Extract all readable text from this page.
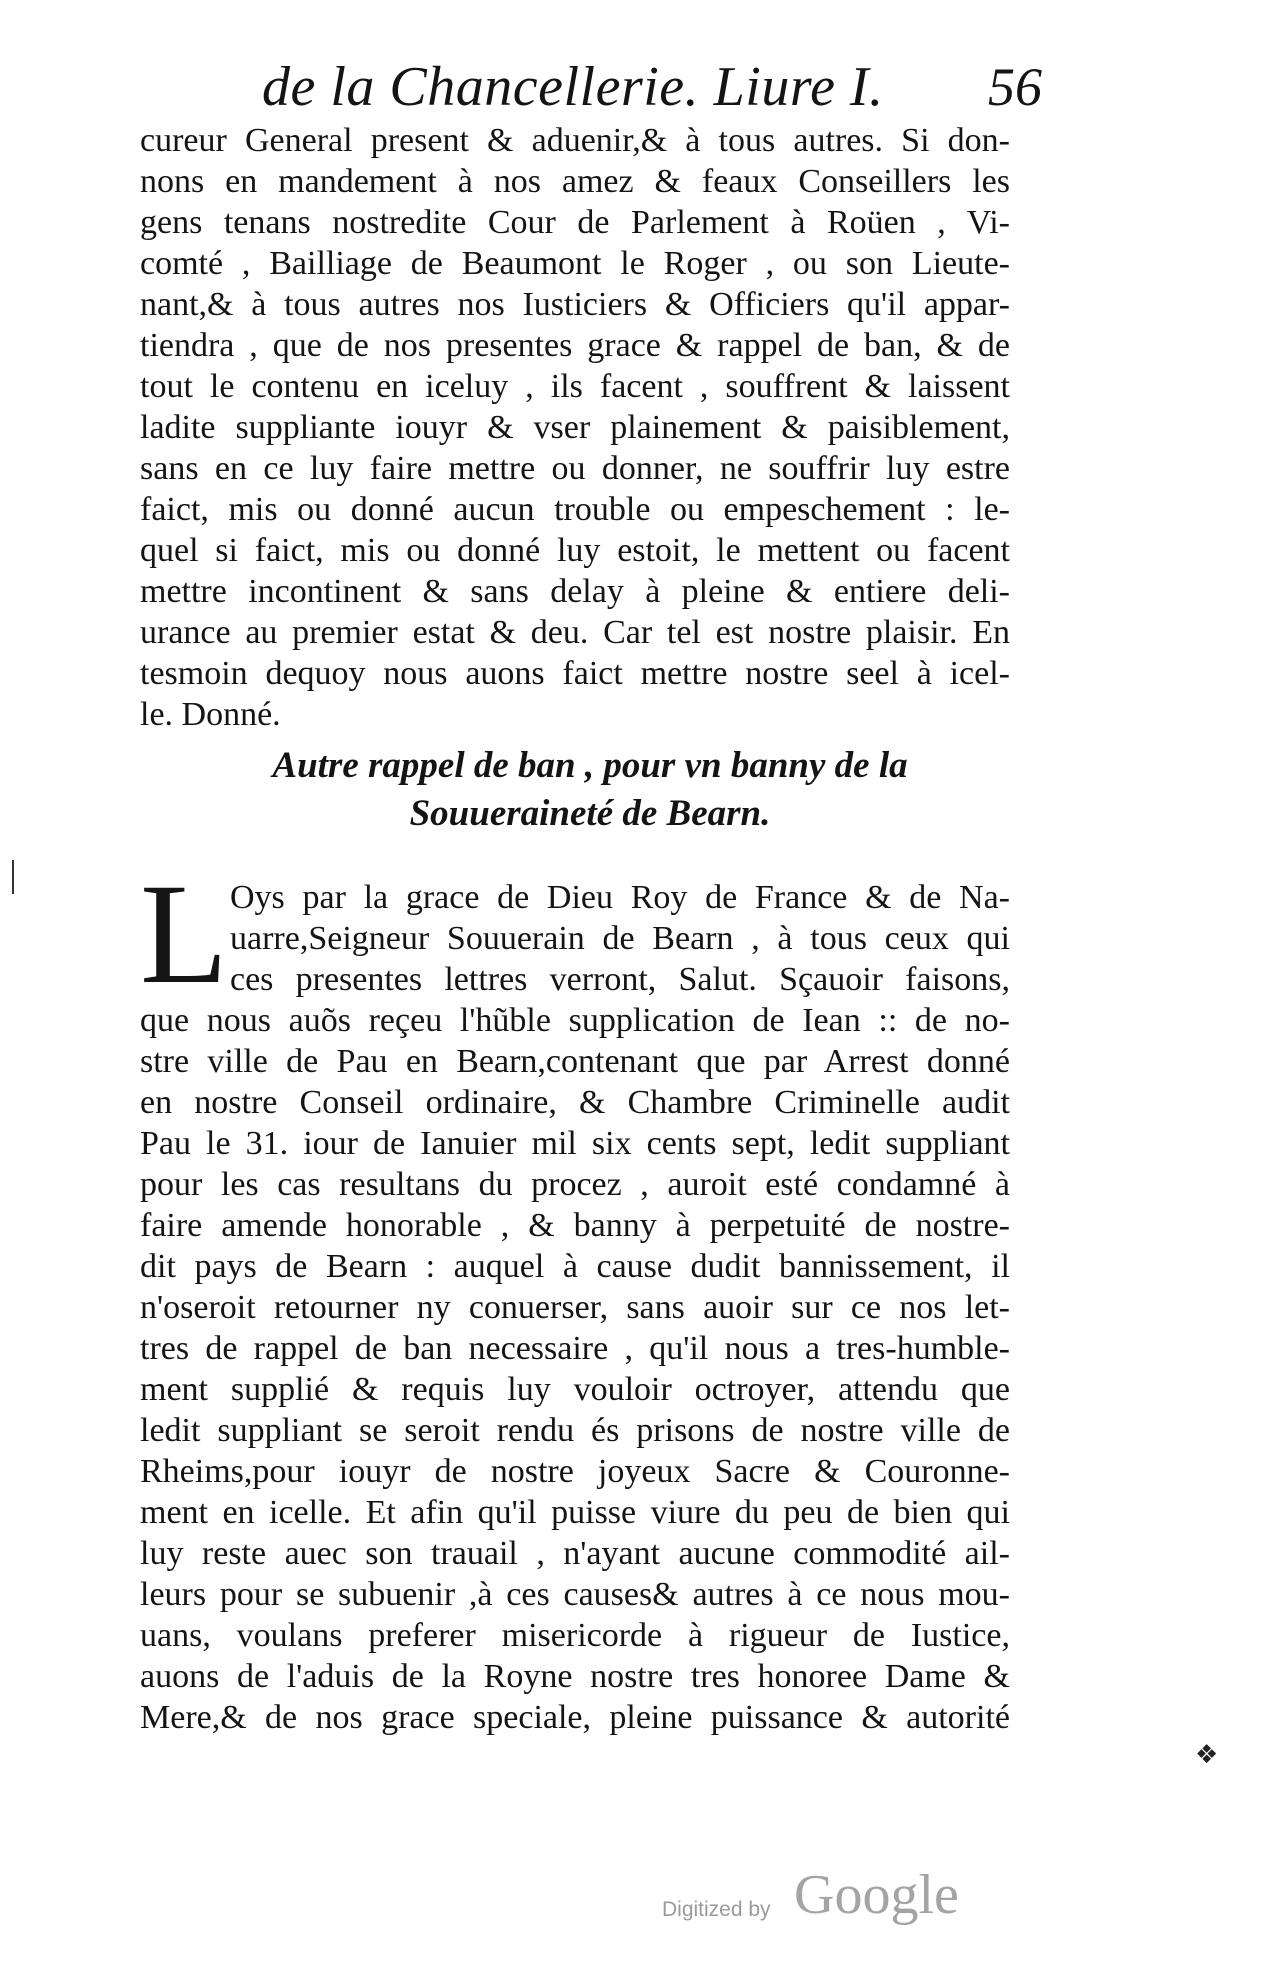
de la Chancellerie. Liure I. 56
cureur General present & aduenir,& à tous autres. Si don-
nons en mandement à nos amez & feaux Conseillers les
gens tenans nostredite Cour de Parlement à Roüen , Vi-
comté , Bailliage de Beaumont le Roger , ou son Lieute-
nant,& à tous autres nos Iusticiers & Officiers qu'il appar-
tiendra , que de nos presentes grace & rappel de ban, & de
tout le contenu en iceluy , ils facent , souffrent & laissent
ladite suppliante iouyr & vser plainement & paisiblement,
sans en ce luy faire mettre ou donner, ne souffrir luy estre
faict, mis ou donné aucun trouble ou empeschement : le-
quel si faict, mis ou donné luy estoit, le mettent ou facent
mettre incontinent & sans delay à pleine & entiere deli-
urance au premier estat & deu. Car tel est nostre plaisir. En
tesmoin dequoy nous auons faict mettre nostre seel à icel-
le. Donné.
Autre rappel de ban , pour vn banny de la
Souueraineté de Bearn.
L Oys par la grace de Dieu Roy de France & de Na-
uarre,Seigneur Souuerain de Bearn , à tous ceux qui
ces presentes lettres verront, Salut. Sçauoir faisons,
que nous auõs reçeu l'hũble supplication de Iean :: de no-
stre ville de Pau en Bearn,contenant que par Arrest donné
en nostre Conseil ordinaire, & Chambre Criminelle audit
Pau le 31. iour de Ianuier mil six cents sept, ledit suppliant
pour les cas resultans du procez , auroit esté condamné à
faire amende honorable , & banny à perpetuité de nostre-
dit pays de Bearn : auquel à cause dudit bannissement, il
n'oseroit retourner ny conuerser, sans auoir sur ce nos let-
tres de rappel de ban necessaire , qu'il nous a tres-humble-
ment supplié & requis luy vouloir octroyer, attendu que
ledit suppliant se seroit rendu és prisons de nostre ville de
Rheims,pour iouyr de nostre joyeux Sacre & Couronne-
ment en icelle. Et afin qu'il puisse viure du peu de bien qui
luy reste auec son trauail , n'ayant aucune commodité ail-
leurs pour se subuenir ,à ces causes& autres à ce nous mou-
uans, voulans preferer misericorde à rigueur de Iustice,
auons de l'aduis de la Royne nostre tres honoree Dame &
Mere,& de nos grace speciale, pleine puissance & autorité
❖
Digitized by Google
